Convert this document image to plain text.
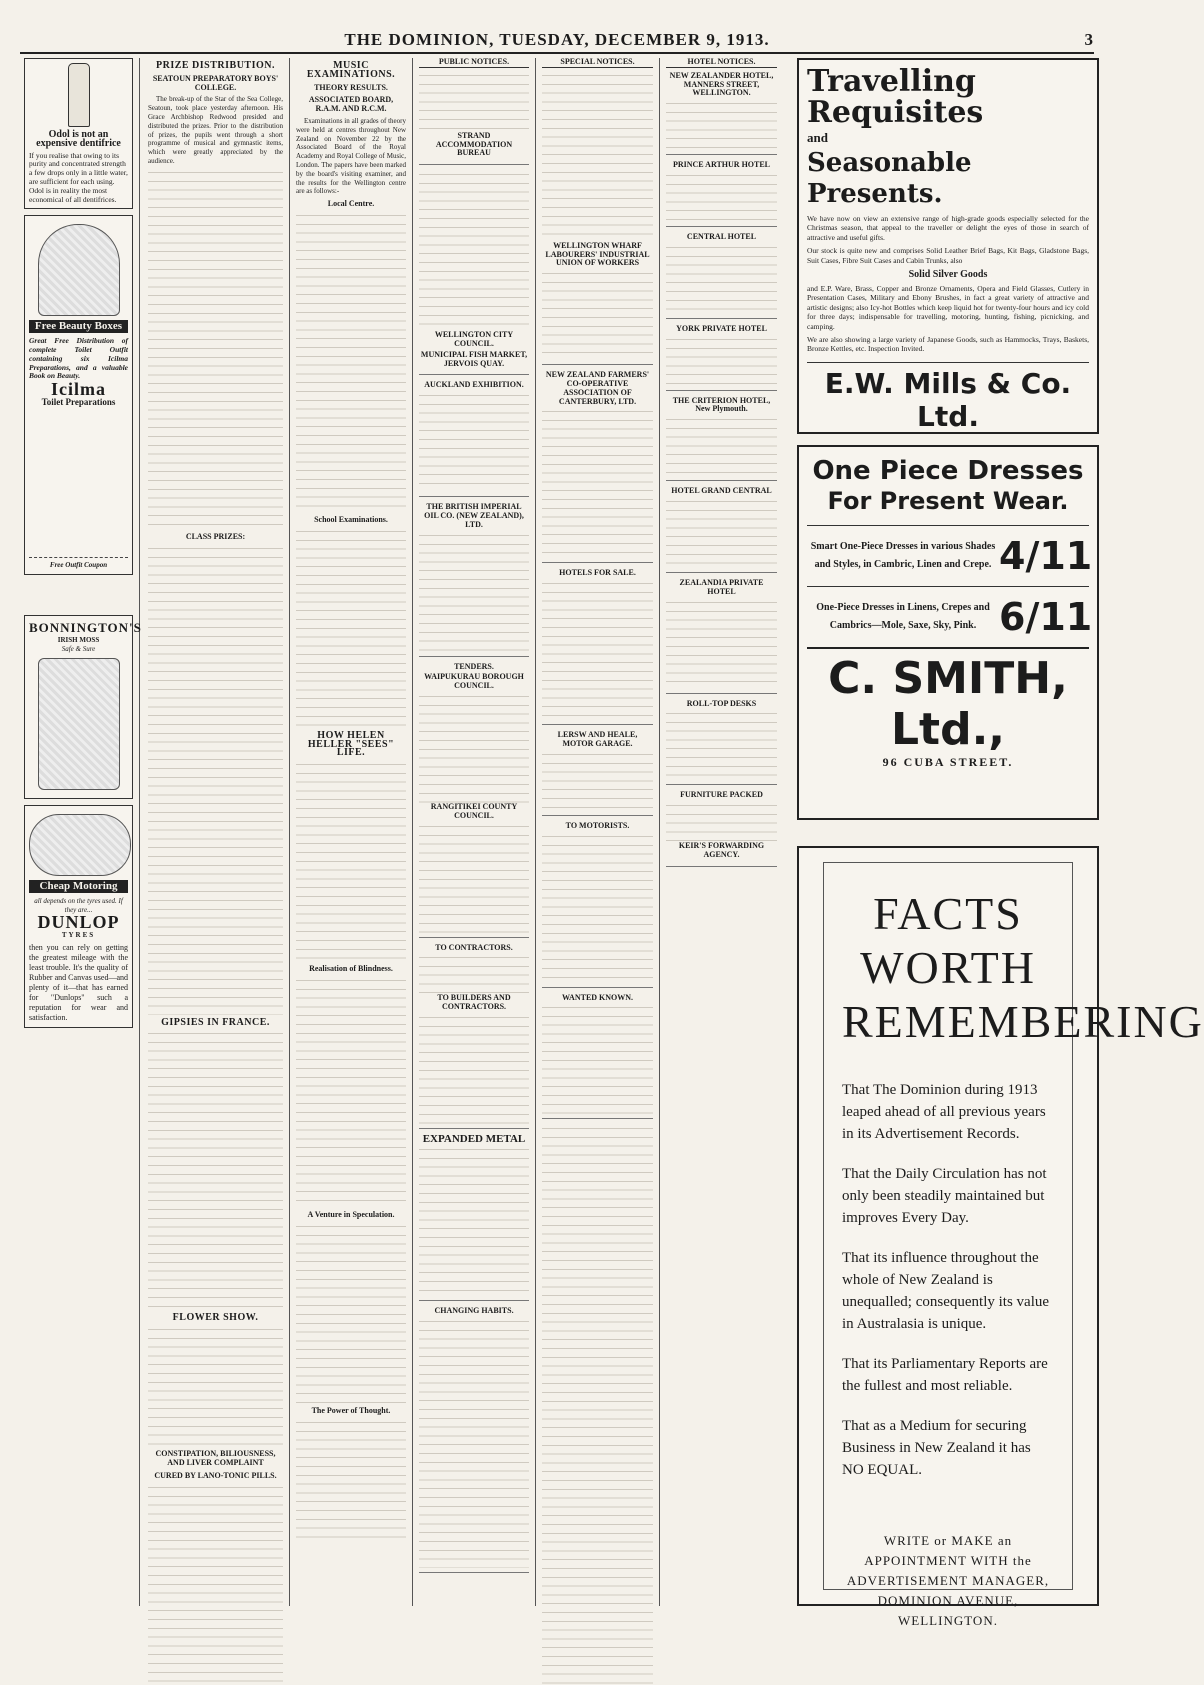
THE DOMINION, TUESDAY, DECEMBER 9, 1913.	3
Odol is not an expensive dentifrice
If you realise that owing to its purity and concentrated strength a few drops only in a little water, are sufficient for each using. Odol is in reality the most economical of all dentifrices.
Free Beauty Boxes
Great Free Distribution of complete Toilet Outfit containing six Icilma Preparations, and a valuable Book on Beauty.
Icilma
Toilet Preparations
Free Outfit Coupon
BONNINGTON'S
IRISH MOSS
Safe & Sure
Cheap Motoring
all depends on the tyres used. If they are...
DUNLOP
TYRES
then you can rely on getting the greatest mileage with the least trouble. It's the quality of Rubber and Canvas used—and plenty of it—that has earned for "Dunlops" such a reputation for wear and satisfaction.
PRIZE DISTRIBUTION.
SEATOUN PREPARATORY BOYS' COLLEGE.

The break-up of the Star of the Sea College, Seatoun, took place yesterday afternoon. His Grace Archbishop Redwood presided and distributed the prizes. Prior to the distribution of prizes, the pupils went through a short programme of musical and gymnastic items, which were greatly appreciated by the audience.

CLASS PRIZES:
GIPSIES IN FRANCE.
FLOWER SHOW.
CONSTIPATION, BILIOUSNESS, AND LIVER COMPLAINT
CURED BY LANO-TONIC PILLS.
MUSIC EXAMINATIONS.
THEORY RESULTS.
ASSOCIATED BOARD, R.A.M. AND R.C.M.

Examinations in all grades of theory were held at centres throughout New Zealand on November 22 by the Associated Board of the Royal Academy and Royal College of Music, London. The papers have been marked by the board's visiting examiner, and the results for the Wellington centre are as follows:-

Local Centre.
School Examinations.
HOW HELEN HELLER "SEES" LIFE.
Realisation of Blindness.
A Venture in Speculation.
The Power of Thought.
PUBLIC NOTICES.
STRAND ACCOMMODATION BUREAU
WELLINGTON CITY COUNCIL.
MUNICIPAL FISH MARKET, JERVOIS QUAY.
AUCKLAND EXHIBITION.
THE BRITISH IMPERIAL OIL CO. (NEW ZEALAND), LTD.
TENDERS.
WAIPUKURAU BOROUGH COUNCIL.
RANGITIKEI COUNTY COUNCIL.
TO CONTRACTORS.
TO BUILDERS AND CONTRACTORS.
EXPANDED METAL
CHANGING HABITS.
SPECIAL NOTICES.
WELLINGTON WHARF LABOURERS' INDUSTRIAL UNION OF WORKERS
NEW ZEALAND FARMERS' CO-OPERATIVE ASSOCIATION OF CANTERBURY, LTD.
HOTELS FOR SALE.
LERSW AND HEALE, MOTOR GARAGE.
TO MOTORISTS.
WANTED KNOWN.
HOTEL NOTICES.
NEW ZEALANDER HOTEL, MANNERS STREET, WELLINGTON.
PRINCE ARTHUR HOTEL
CENTRAL HOTEL
YORK PRIVATE HOTEL
THE CRITERION HOTEL, New Plymouth.
HOTEL GRAND CENTRAL
ZEALANDIA PRIVATE HOTEL
ROLL-TOP DESKS
FURNITURE PACKED
KEIR'S FORWARDING AGENCY.
Travelling
Requisites
and
Seasonable Presents.
We have now on view an extensive range of high-grade goods especially selected for the Christmas season, that appeal to the traveller or delight the eyes of those in search of attractive and useful gifts.
Our stock is quite new and comprises Solid Leather Brief Bags, Kit Bags, Gladstone Bags, Suit Cases, Fibre Suit Cases and Cabin Trunks, also
Solid Silver Goods
and E.P. Ware, Brass, Copper and Bronze Ornaments, Opera and Field Glasses, Cutlery in Presentation Cases, Military and Ebony Brushes, in fact a great variety of attractive and artistic designs; also Icy-hot Bottles which keep liquid hot for twenty-four hours and icy cold for three days; indispensable for travelling, motoring, hunting, fishing, picnicking, and camping.
We are also showing a large variety of Japanese Goods, such as Hammocks, Trays, Baskets, Bronze Kettles, etc. Inspection Invited.
E.W. Mills & Co. Ltd.
One Piece Dresses
For Present Wear.
Smart One-Piece Dresses in various Shades and Styles, in Cambric, Linen and Crepe. 4/11
One-Piece Dresses in Linens, Crepes and Cambrics—Mole, Saxe, Sky, Pink. 6/11
C. SMITH, Ltd.,
96 CUBA STREET.
FACTS WORTH REMEMBERING
That The Dominion during 1913 leaped ahead of all previous years in its Advertisement Records.
That the Daily Circulation has not only been steadily maintained but improves Every Day.
That its influence throughout the whole of New Zealand is unequalled; consequently its value in Australasia is unique.
That its Parliamentary Reports are the fullest and most reliable.
That as a Medium for securing Business in New Zealand it has NO EQUAL.
WRITE or MAKE an APPOINTMENT WITH the
ADVERTISEMENT MANAGER,
DOMINION AVENUE,
WELLINGTON.
